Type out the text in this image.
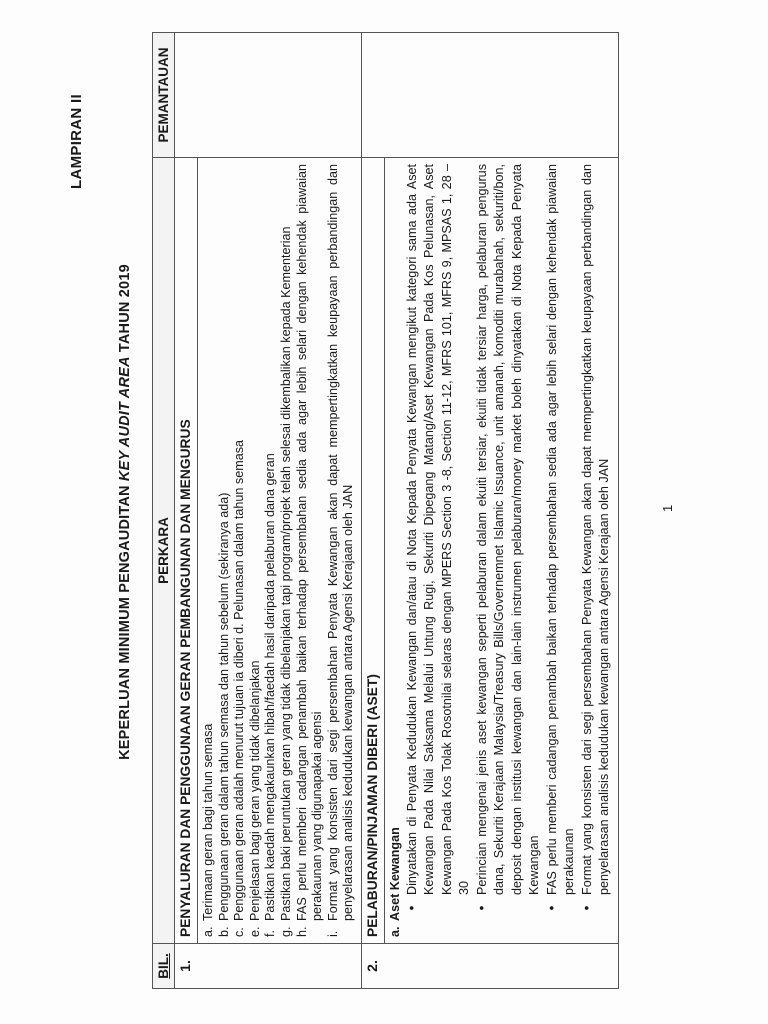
LAMPIRAN II
KEPERLUAN MINIMUM PENGAUDITAN KEY AUDIT AREA TAHUN 2019
BIL.	PERKARA	PEMANTAUAN
1.	PENYALURAN DAN PENGGUNAAN GERAN PEMBANGUNAN DAN MENGURUS	

a.
Terimaan geran bagi tahun semasa
b.
Penggunaan geran dalam tahun semasa dan tahun sebelum (sekiranya ada)
c.
Penggunaan geran adalah menurut tujuan ia diberi d. Pelunasan dalam tahun semasa
e.
Penjelasan bagi geran yang tidak dibelanjakan
f.
Pastikan kaedah mengakaunkan hibah/faedah hasil daripada pelaburan dana geran
g.
Pastikan baki peruntukan geran yang tidak dibelanjakan tapi program/projek telah selesai dikembalikan kepada Kementerian
h.
FAS perlu memberi cadangan penambah baikan terhadap persembahan sedia ada agar lebih selari dengan kehendak piawaian perakaunan yang digunapakai agensi
i.
Format yang konsisten dari segi persembahan Penyata Kewangan akan dapat mempertingkatkan keupayaan perbandingan dan penyelarasan analisis kedudukan kewangan antara Agensi Kerajaan oleh JAN

2.	PELABURAN/PINJAMAN DIBERI (ASET)	

a.
Aset Kewangan •
Dinyatakan di Penyata Kedudukan Kewangan dan/atau di Nota Kepada Penyata Kewangan mengikut kategori sama ada Aset Kewangan Pada Nilai Saksama Melalui Untung Rugi, Sekuriti Dipegang Matang/Aset Kewangan Pada Kos Pelunasan, Aset Kewangan Pada Kos Tolak Rosotnilai selaras dengan MPERS Section 3 -8, Section 11-12, MFRS 101, MFRS 9, MPSAS 1, 28 – 30
•
Perincian mengenai jenis aset kewangan seperti pelaburan dalam ekuiti tersiar, ekuiti tidak tersiar harga, pelaburan pengurus dana, Sekuriti Kerajaan Malaysia/Treasury Bills/Governemnet Islamic Issuance, unit amanah, komoditi murabahah, sekuriti/bon, deposit dengan institusi kewangan dan lain-lain instrumen pelaburan/money market boleh dinyatakan di Nota Kepada Penyata Kewangan
•
FAS perlu memberi cadangan penambah baikan terhadap persembahan sedia ada agar lebih selari dengan kehendak piawaian perakaunan
•
Format yang konsisten dari segi persembahan Penyata Kewangan akan dapat mempertingkatkan keupayaan perbandingan dan penyelarasan analisis kedudukan kewangan antara Agensi Kerajaan oleh JAN	1
